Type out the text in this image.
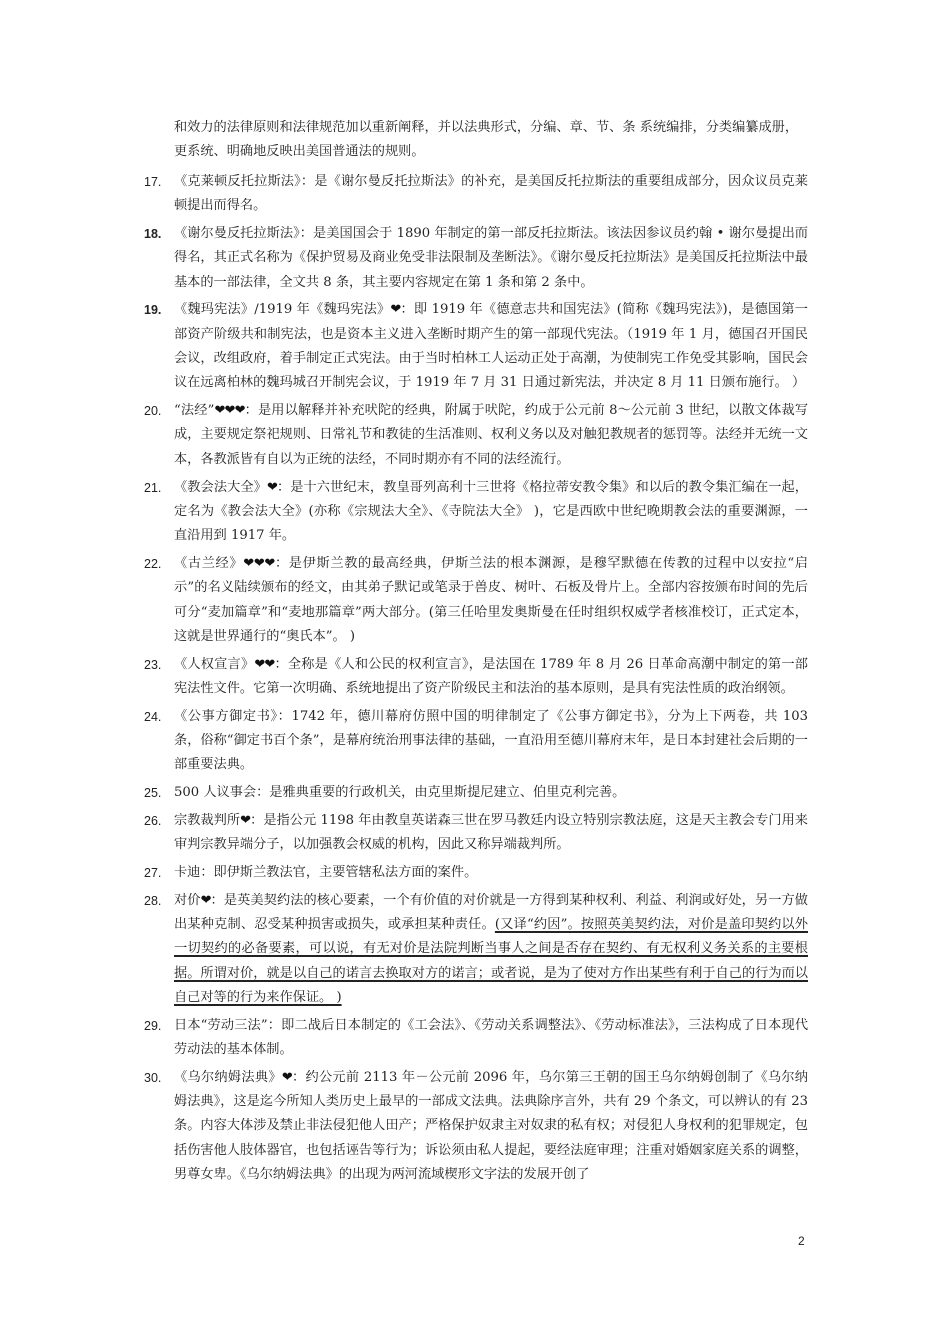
和效力的法律原则和法律规范加以重新阐释，并以法典形式，分编、章、节、条 系统编排，分类编纂成册，更系统、明确地反映出美国普通法的规则。
17. 《克莱顿反托拉斯法》：是《谢尔曼反托拉斯法》的补充，是美国反托拉斯法的重要组成部分，因众议员克莱顿提出而得名。
18. 《谢尔曼反托拉斯法》：是美国国会于 1890 年制定的第一部反托拉斯法。该法因参议员约翰 • 谢尔曼提出而得名，其正式名称为《保护贸易及商业免受非法限制及垄断法》。《谢尔曼反托拉斯法》是美国反托拉斯法中最基本的一部法律，全文共 8 条，其主要内容规定在第 1 条和第 2 条中。
19. 《魏玛宪法》/1919 年《魏玛宪法》❤：即 1919 年《德意志共和国宪法》(简称《魏玛宪法》)，是德国第一部资产阶级共和制宪法，也是资本主义进入垄断时期产生的第一部现代宪法。（1919 年 1 月，德国召开国民会议，改组政府，着手制定正式宪法。由于当时柏林工人运动正处于高潮，为使制宪工作免受其影响，国民会议在远离柏林的魏玛城召开制宪会议，于 1919 年 7 月 31 日通过新宪法，并决定 8 月 11 日颁布施行。 ）
20. “法经”❤❤❤：是用以解释并补充吠陀的经典，附属于吠陀，约成于公元前 8～公元前 3 世纪，以散文体裁写成，主要规定祭祀规则、日常礼节和教徒的生活准则、权利义务以及对触犯教规者的惩罚等。法经并无统一文本，各教派皆有自以为正统的法经，不同时期亦有不同的法经流行。
21. 《教会法大全》❤：是十六世纪末，教皇哥列高利十三世将《格拉蒂安教令集》和以后的教令集汇编在一起，定名为《教会法大全》(亦称《宗规法大全》、《寺院法大全》 )，它是西欧中世纪晚期教会法的重要渊源，一直沿用到 1917 年。
22. 《古兰经》❤❤❤：是伊斯兰教的最高经典，伊斯兰法的根本渊源，是穆罕默德在传教的过程中以安拉“启示”的名义陆续颁布的经文，由其弟子默记或笔录于兽皮、树叶、石板及骨片上。全部内容按颁布时间的先后可分“麦加篇章”和“麦地那篇章”两大部分。(第三任哈里发奥斯曼在任时组织权威学者核准校订，正式定本，这就是世界通行的“奥氏本”。 )
23. 《人权宣言》❤❤：全称是《人和公民的权利宣言》，是法国在 1789 年 8 月 26 日革命高潮中制定的第一部宪法性文件。它第一次明确、系统地提出了资产阶级民主和法治的基本原则，是具有宪法性质的政治纲领。
24. 《公事方御定书》：1742 年，德川幕府仿照中国的明律制定了《公事方御定书》，分为上下两卷，共 103 条，俗称“御定书百个条”，是幕府统治刑事法律的基础，一直沿用至德川幕府末年，是日本封建社会后期的一部重要法典。
25. 500 人议事会：是雅典重要的行政机关，由克里斯提尼建立、伯里克利完善。
26. 宗教裁判所❤：是指公元 1198 年由教皇英诺森三世在罗马教廷内设立特别宗教法庭，这是天主教会专门用来审判宗教异端分子，以加强教会权威的机构，因此又称异端裁判所。
27. 卡迪：即伊斯兰教法官，主要管辖私法方面的案件。
28. 对价❤：是英美契约法的核心要素，一个有价值的对价就是一方得到某种权利、利益、利润或好处，另一方做出某种克制、忍受某种损害或损失，或承担某种责任。(又译“约因”。按照英美契约法，对价是盖印契约以外一切契约的必备要素，可以说，有无对价是法院判断当事人之间是否存在契约、有无权利义务关系的主要根据。所谓对价，就是以自己的诺言去换取对方的诺言；或者说，是为了使对方作出某些有利于自己的行为而以自己对等的行为来作保证。 )
29. 日本“劳动三法”：即二战后日本制定的《工会法》、《劳动关系调整法》、《劳动标准法》，三法构成了日本现代劳动法的基本体制。
30. 《乌尔纳姆法典》❤：约公元前 2113 年－公元前 2096 年，乌尔第三王朝的国王乌尔纳姆创制了《乌尔纳姆法典》，这是迄今所知人类历史上最早的一部成文法典。法典除序言外，共有 29 个条文，可以辨认的有 23 条。内容大体涉及禁止非法侵犯他人田产；严格保护奴隶主对奴隶的私有权；对侵犯人身权利的犯罪规定，包括伤害他人肢体器官，也包括诬告等行为；诉讼须由私人提起，要经法庭审理；注重对婚姻家庭关系的调整，男尊女卑。《乌尔纳姆法典》的出现为两河流域楔形文字法的发展开创了
2
